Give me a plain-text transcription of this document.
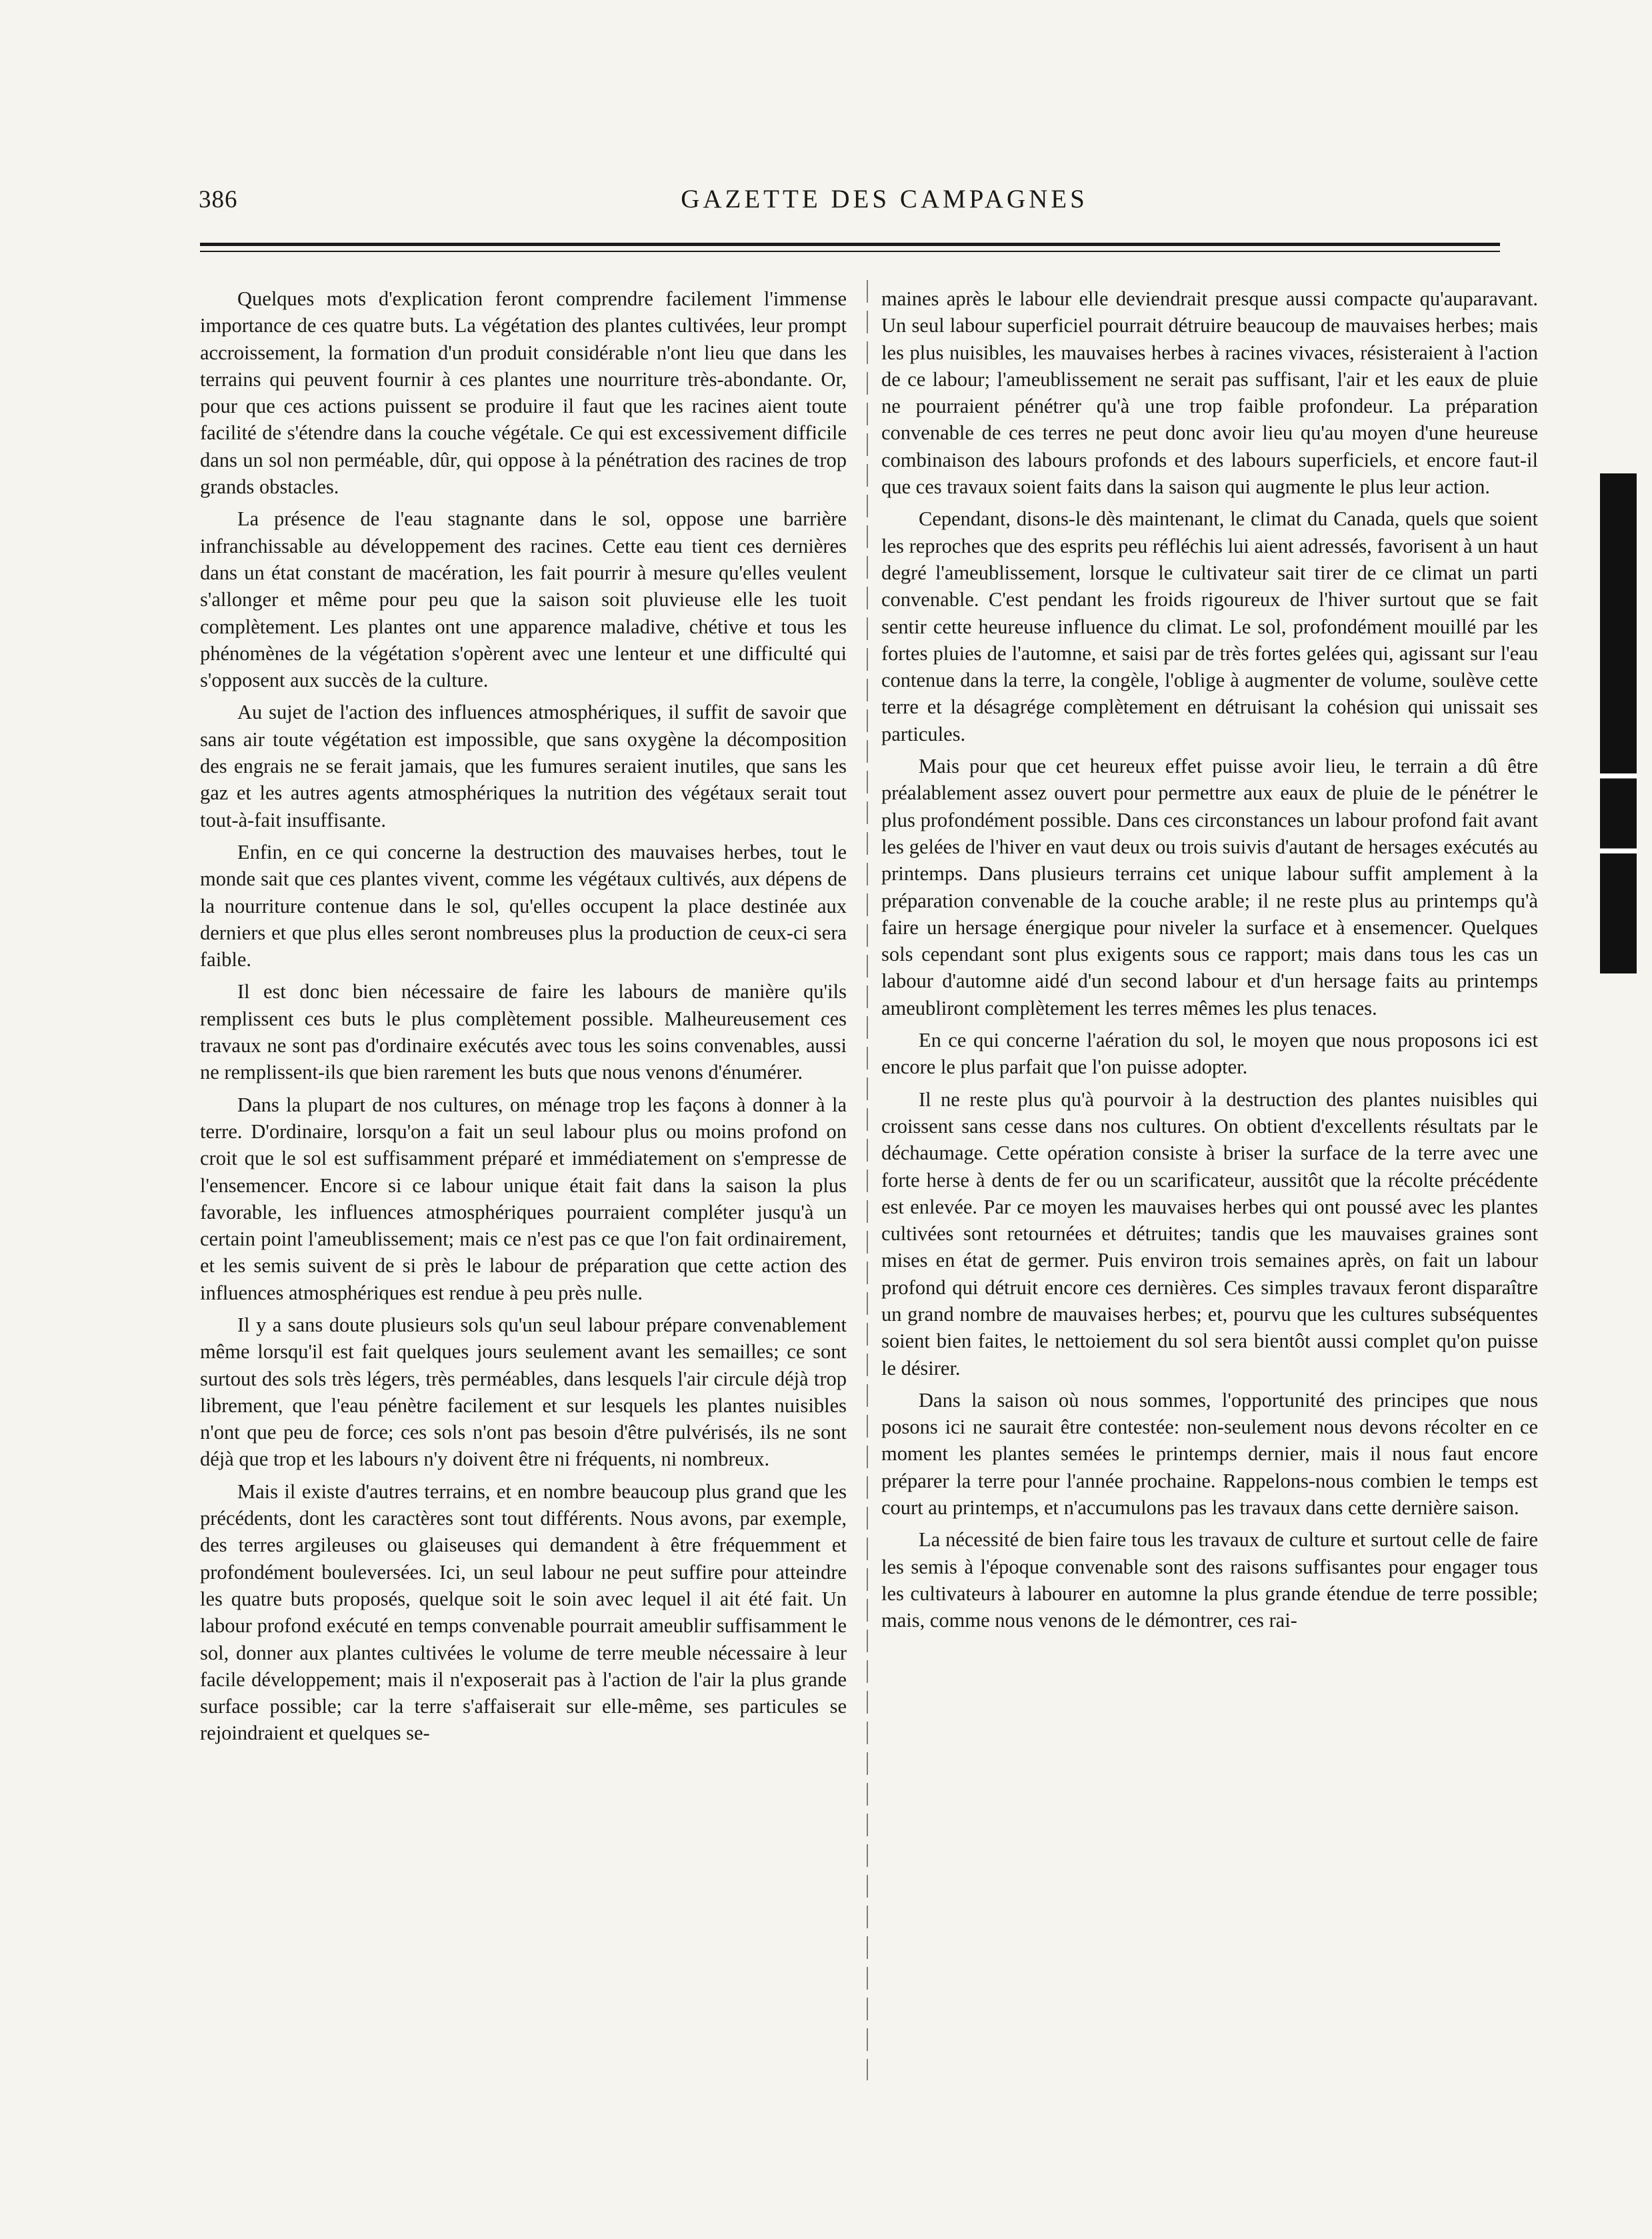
386	GAZETTE DES CAMPAGNES

Quelques mots d'explication feront comprendre facilement l'immense importance de ces quatre buts. La végétation des plantes cultivées, leur prompt accroissement, la formation d'un produit considérable n'ont lieu que dans les terrains qui peuvent fournir à ces plantes une nourriture très-abondante. Or, pour que ces actions puissent se produire il faut que les racines aient toute facilité de s'étendre dans la couche végétale. Ce qui est excessivement difficile dans un sol non perméable, dûr, qui oppose à la pénétration des racines de trop grands obstacles.

La présence de l'eau stagnante dans le sol, oppose une barrière infranchissable au développement des racines. Cette eau tient ces dernières dans un état constant de macération, les fait pourrir à mesure qu'elles veulent s'allonger et même pour peu que la saison soit pluvieuse elle les tuoit complètement. Les plantes ont une apparence maladive, chétive et tous les phénomènes de la végétation s'opèrent avec une lenteur et une difficulté qui s'opposent aux succès de la culture.

Au sujet de l'action des influences atmosphériques, il suffit de savoir que sans air toute végétation est impossible, que sans oxygène la décomposition des engrais ne se ferait jamais, que les fumures seraient inutiles, que sans les gaz et les autres agents atmosphériques la nutrition des végétaux serait tout tout-à-fait insuffisante.

Enfin, en ce qui concerne la destruction des mauvaises herbes, tout le monde sait que ces plantes vivent, comme les végétaux cultivés, aux dépens de la nourriture contenue dans le sol, qu'elles occupent la place destinée aux derniers et que plus elles seront nombreuses plus la production de ceux-ci sera faible.

Il est donc bien nécessaire de faire les labours de manière qu'ils remplissent ces buts le plus complètement possible. Malheureusement ces travaux ne sont pas d'ordinaire exécutés avec tous les soins convenables, aussi ne remplissent-ils que bien rarement les buts que nous venons d'énumérer.

Dans la plupart de nos cultures, on ménage trop les façons à donner à la terre. D'ordinaire, lorsqu'on a fait un seul labour plus ou moins profond on croit que le sol est suffisamment préparé et immédiatement on s'empresse de l'ensemencer. Encore si ce labour unique était fait dans la saison la plus favorable, les influences atmosphériques pourraient compléter jusqu'à un certain point l'ameublissement; mais ce n'est pas ce que l'on fait ordinairement, et les semis suivent de si près le labour de préparation que cette action des influences atmosphériques est rendue à peu près nulle.

Il y a sans doute plusieurs sols qu'un seul labour prépare convenablement même lorsqu'il est fait quelques jours seulement avant les semailles; ce sont surtout des sols très légers, très perméables, dans lesquels l'air circule déjà trop librement, que l'eau pénètre facilement et sur lesquels les plantes nuisibles n'ont que peu de force; ces sols n'ont pas besoin d'être pulvérisés, ils ne sont déjà que trop et les labours n'y doivent être ni fréquents, ni nombreux.

Mais il existe d'autres terrains, et en nombre beaucoup plus grand que les précédents, dont les caractères sont tout différents. Nous avons, par exemple, des terres argileuses ou glaiseuses qui demandent à être fréquemment et profondément bouleversées. Ici, un seul labour ne peut suffire pour atteindre les quatre buts proposés, quelque soit le soin avec lequel il ait été fait. Un labour profond exécuté en temps convenable pourrait ameublir suffisamment le sol, donner aux plantes cultivées le volume de terre meuble nécessaire à leur facile développement; mais il n'exposerait pas à l'action de l'air la plus grande surface possible; car la terre s'affaiserait sur elle-même, ses particules se rejoindraient et quelques se-

maines après le labour elle deviendrait presque aussi compacte qu'auparavant. Un seul labour superficiel pourrait détruire beaucoup de mauvaises herbes; mais les plus nuisibles, les mauvaises herbes à racines vivaces, résisteraient à l'action de ce labour; l'ameublissement ne serait pas suffisant, l'air et les eaux de pluie ne pourraient pénétrer qu'à une trop faible profondeur. La préparation convenable de ces terres ne peut donc avoir lieu qu'au moyen d'une heureuse combinaison des labours profonds et des labours superficiels, et encore faut-il que ces travaux soient faits dans la saison qui augmente le plus leur action.

Cependant, disons-le dès maintenant, le climat du Canada, quels que soient les reproches que des esprits peu réfléchis lui aient adressés, favorisent à un haut degré l'ameublissement, lorsque le cultivateur sait tirer de ce climat un parti convenable. C'est pendant les froids rigoureux de l'hiver surtout que se fait sentir cette heureuse influence du climat. Le sol, profondément mouillé par les fortes pluies de l'automne, et saisi par de très fortes gelées qui, agissant sur l'eau contenue dans la terre, la congèle, l'oblige à augmenter de volume, soulève cette terre et la désagrége complètement en détruisant la cohésion qui unissait ses particules.

Mais pour que cet heureux effet puisse avoir lieu, le terrain a dû être préalablement assez ouvert pour permettre aux eaux de pluie de le pénétrer le plus profondément possible. Dans ces circonstances un labour profond fait avant les gelées de l'hiver en vaut deux ou trois suivis d'autant de hersages exécutés au printemps. Dans plusieurs terrains cet unique labour suffit amplement à la préparation convenable de la couche arable; il ne reste plus au printemps qu'à faire un hersage énergique pour niveler la surface et à ensemencer. Quelques sols cependant sont plus exigents sous ce rapport; mais dans tous les cas un labour d'automne aidé d'un second labour et d'un hersage faits au printemps ameubliront complètement les terres mêmes les plus tenaces.

En ce qui concerne l'aération du sol, le moyen que nous proposons ici est encore le plus parfait que l'on puisse adopter.

Il ne reste plus qu'à pourvoir à la destruction des plantes nuisibles qui croissent sans cesse dans nos cultures. On obtient d'excellents résultats par le déchaumage. Cette opération consiste à briser la surface de la terre avec une forte herse à dents de fer ou un scarificateur, aussitôt que la récolte précédente est enlevée. Par ce moyen les mauvaises herbes qui ont poussé avec les plantes cultivées sont retournées et détruites; tandis que les mauvaises graines sont mises en état de germer. Puis environ trois semaines après, on fait un labour profond qui détruit encore ces dernières. Ces simples travaux feront disparaître un grand nombre de mauvaises herbes; et, pourvu que les cultures subséquentes soient bien faites, le nettoiement du sol sera bientôt aussi complet qu'on puisse le désirer.

Dans la saison où nous sommes, l'opportunité des principes que nous posons ici ne saurait être contestée: non-seulement nous devons récolter en ce moment les plantes semées le printemps dernier, mais il nous faut encore préparer la terre pour l'année prochaine. Rappelons-nous combien le temps est court au printemps, et n'accumulons pas les travaux dans cette dernière saison.

La nécessité de bien faire tous les travaux de culture et surtout celle de faire les semis à l'époque convenable sont des raisons suffisantes pour engager tous les cultivateurs à labourer en automne la plus grande étendue de terre possible; mais, comme nous venons de le démontrer, ces rai-
